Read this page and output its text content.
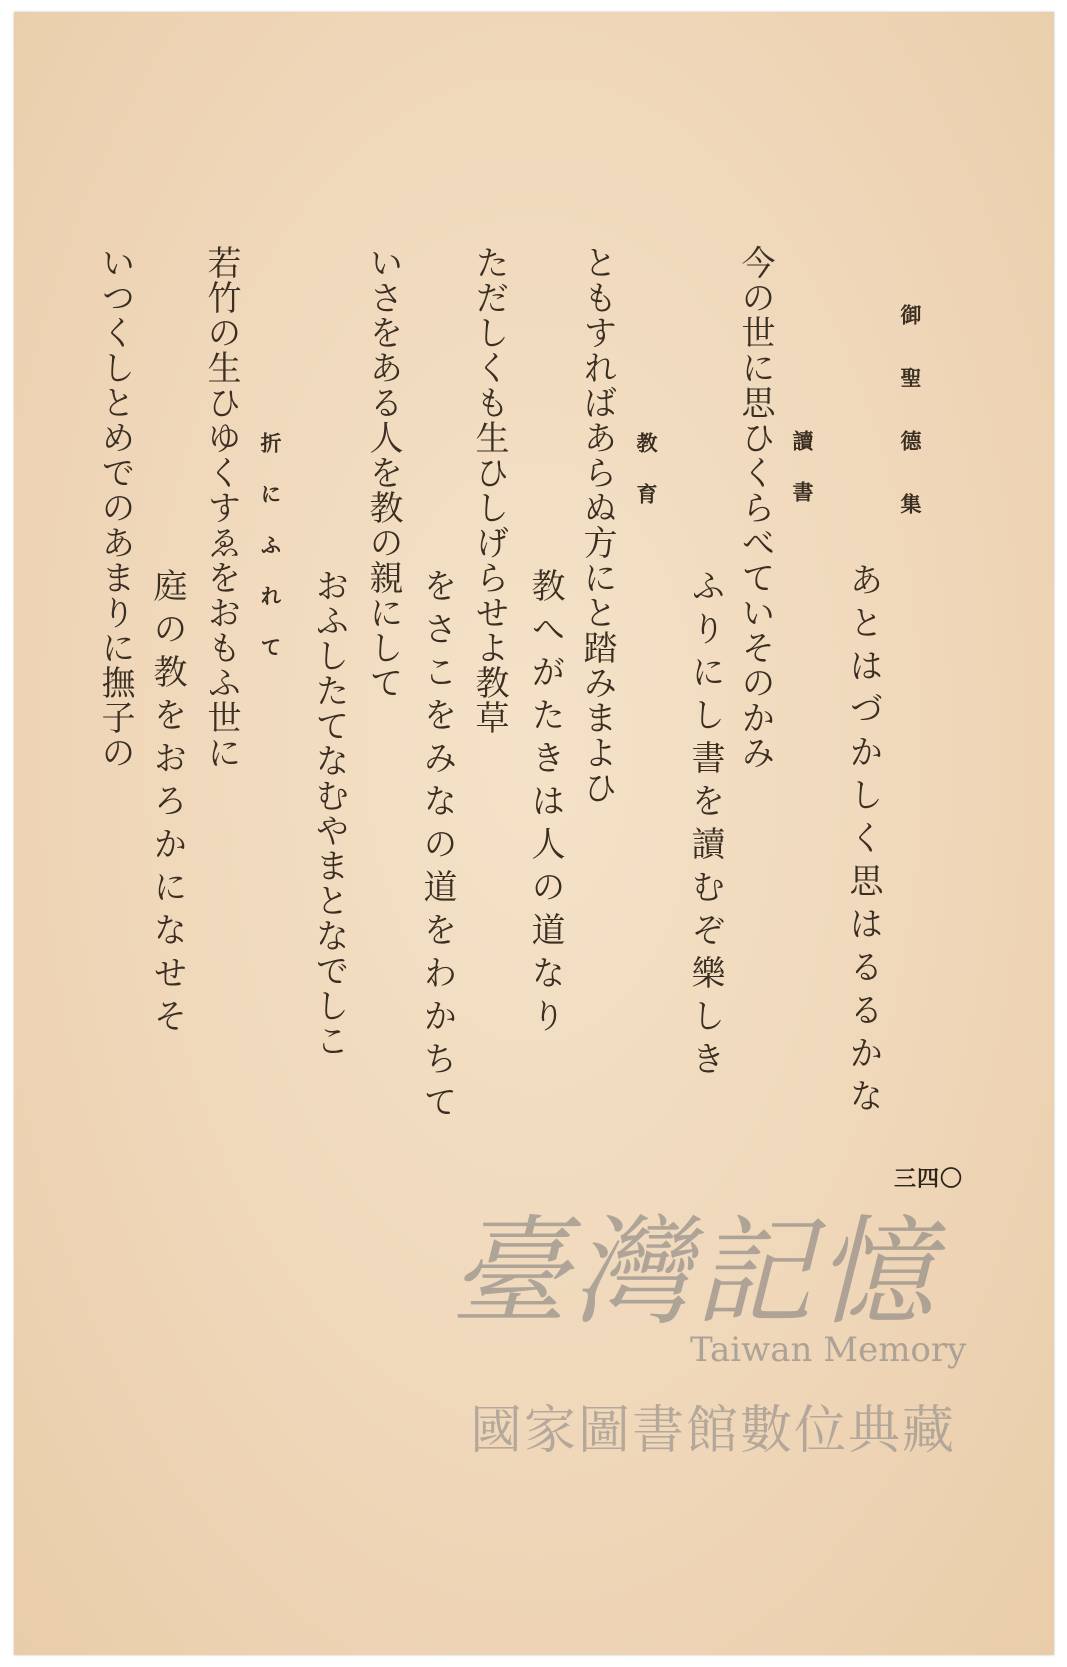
御聖德集
あとはづかしく思はるるかな
讀書
ふりにし書を讀むぞ樂しき
今の世に思ひくらべていそのかみ
教育
ともすればあらぬ方にと踏みまよひ
教へがたきは人の道なり
ただしくも生ひしげらせよ教草
をさこをみなの道をわかちて
いさをある人を教の親にして
おふしたてなむやまとなでしこ
折にふれて
若竹の生ひゆくすゑをおもふ世に
庭の教をおろかになせそ
いつくしとめでのあまりに撫子の
三四〇
臺灣記憶
Taiwan Memory
國家圖書館數位典藏
